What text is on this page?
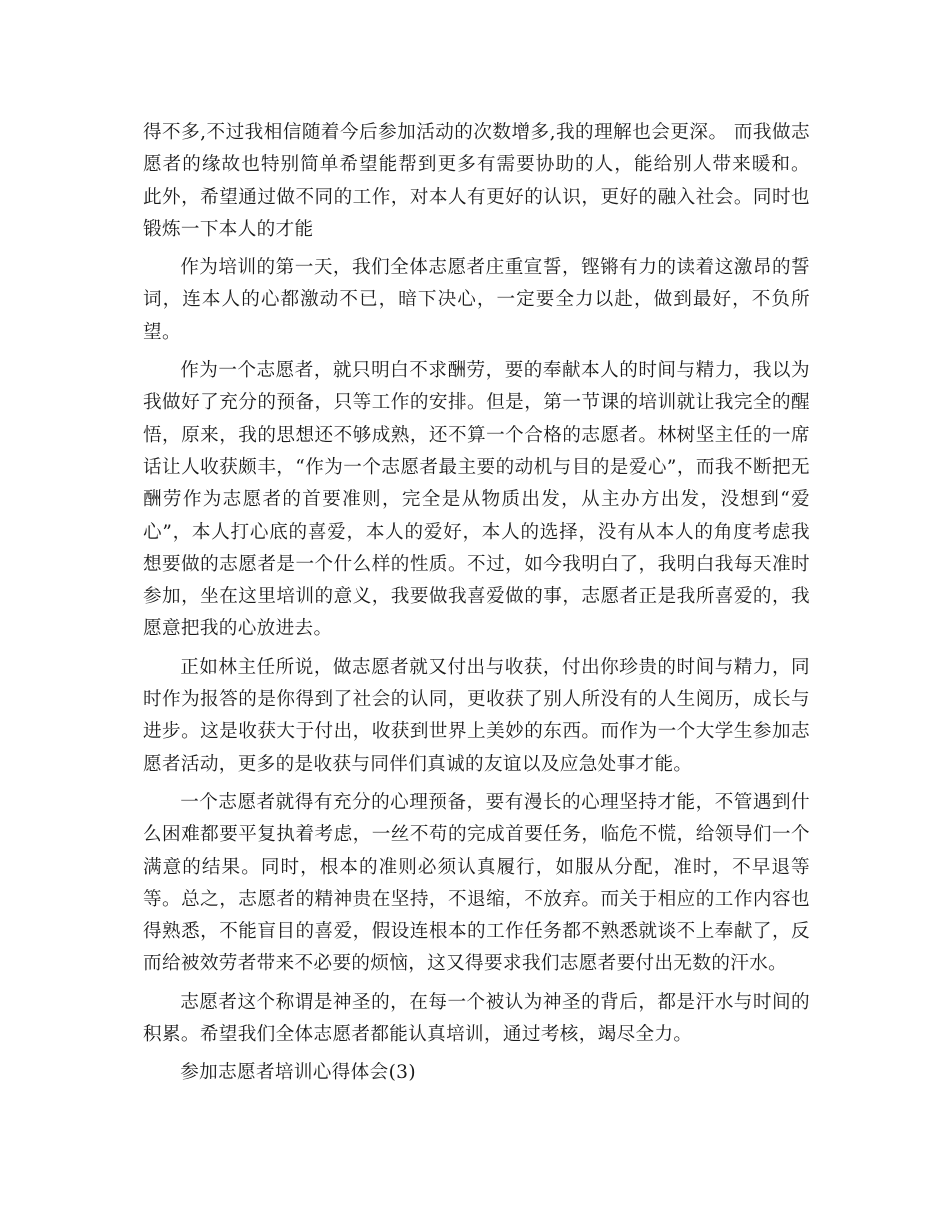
得不多,不过我相信随着今后参加活动的次数增多,我的理解也会更深。 而我做志愿者的缘故也特别简单希望能帮到更多有需要协助的人，能给别人带来暖和。 此外，希望通过做不同的工作，对本人有更好的认识，更好的融入社会。同时也锻炼一下本人的才能

作为培训的第一天，我们全体志愿者庄重宣誓，铿锵有力的读着这激昂的誓词，连本人的心都激动不已，暗下决心，一定要全力以赴，做到最好，不负所望。

作为一个志愿者，就只明白不求酬劳，要的奉献本人的时间与精力，我以为我做好了充分的预备，只等工作的安排。但是，第一节课的培训就让我完全的醒悟，原来，我的思想还不够成熟，还不算一个合格的志愿者。林树坚主任的一席话让人收获颇丰，“作为一个志愿者最主要的动机与目的是爱心”，而我不断把无酬劳作为志愿者的首要准则，完全是从物质出发，从主办方出发，没想到“爱心”，本人打心底的喜爱，本人的爱好，本人的选择，没有从本人的角度考虑我想要做的志愿者是一个什么样的性质。不过，如今我明白了，我明白我每天准时参加，坐在这里培训的意义，我要做我喜爱做的事，志愿者正是我所喜爱的，我愿意把我的心放进去。

正如林主任所说，做志愿者就又付出与收获，付出你珍贵的时间与精力，同时作为报答的是你得到了社会的认同，更收获了别人所没有的人生阅历，成长与进步。这是收获大于付出，收获到世界上美妙的东西。而作为一个大学生参加志愿者活动，更多的是收获与同伴们真诚的友谊以及应急处事才能。

一个志愿者就得有充分的心理预备，要有漫长的心理坚持才能，不管遇到什么困难都要平复执着考虑，一丝不苟的完成首要任务，临危不慌，给领导们一个满意的结果。同时，根本的准则必须认真履行，如服从分配，准时，不早退等等。总之，志愿者的精神贵在坚持，不退缩，不放弃。而关于相应的工作内容也得熟悉，不能盲目的喜爱，假设连根本的工作任务都不熟悉就谈不上奉献了，反而给被效劳者带来不必要的烦恼，这又得要求我们志愿者要付出无数的汗水。

志愿者这个称谓是神圣的，在每一个被认为神圣的背后，都是汗水与时间的积累。希望我们全体志愿者都能认真培训，通过考核，竭尽全力。

参加志愿者培训心得体会(3)
